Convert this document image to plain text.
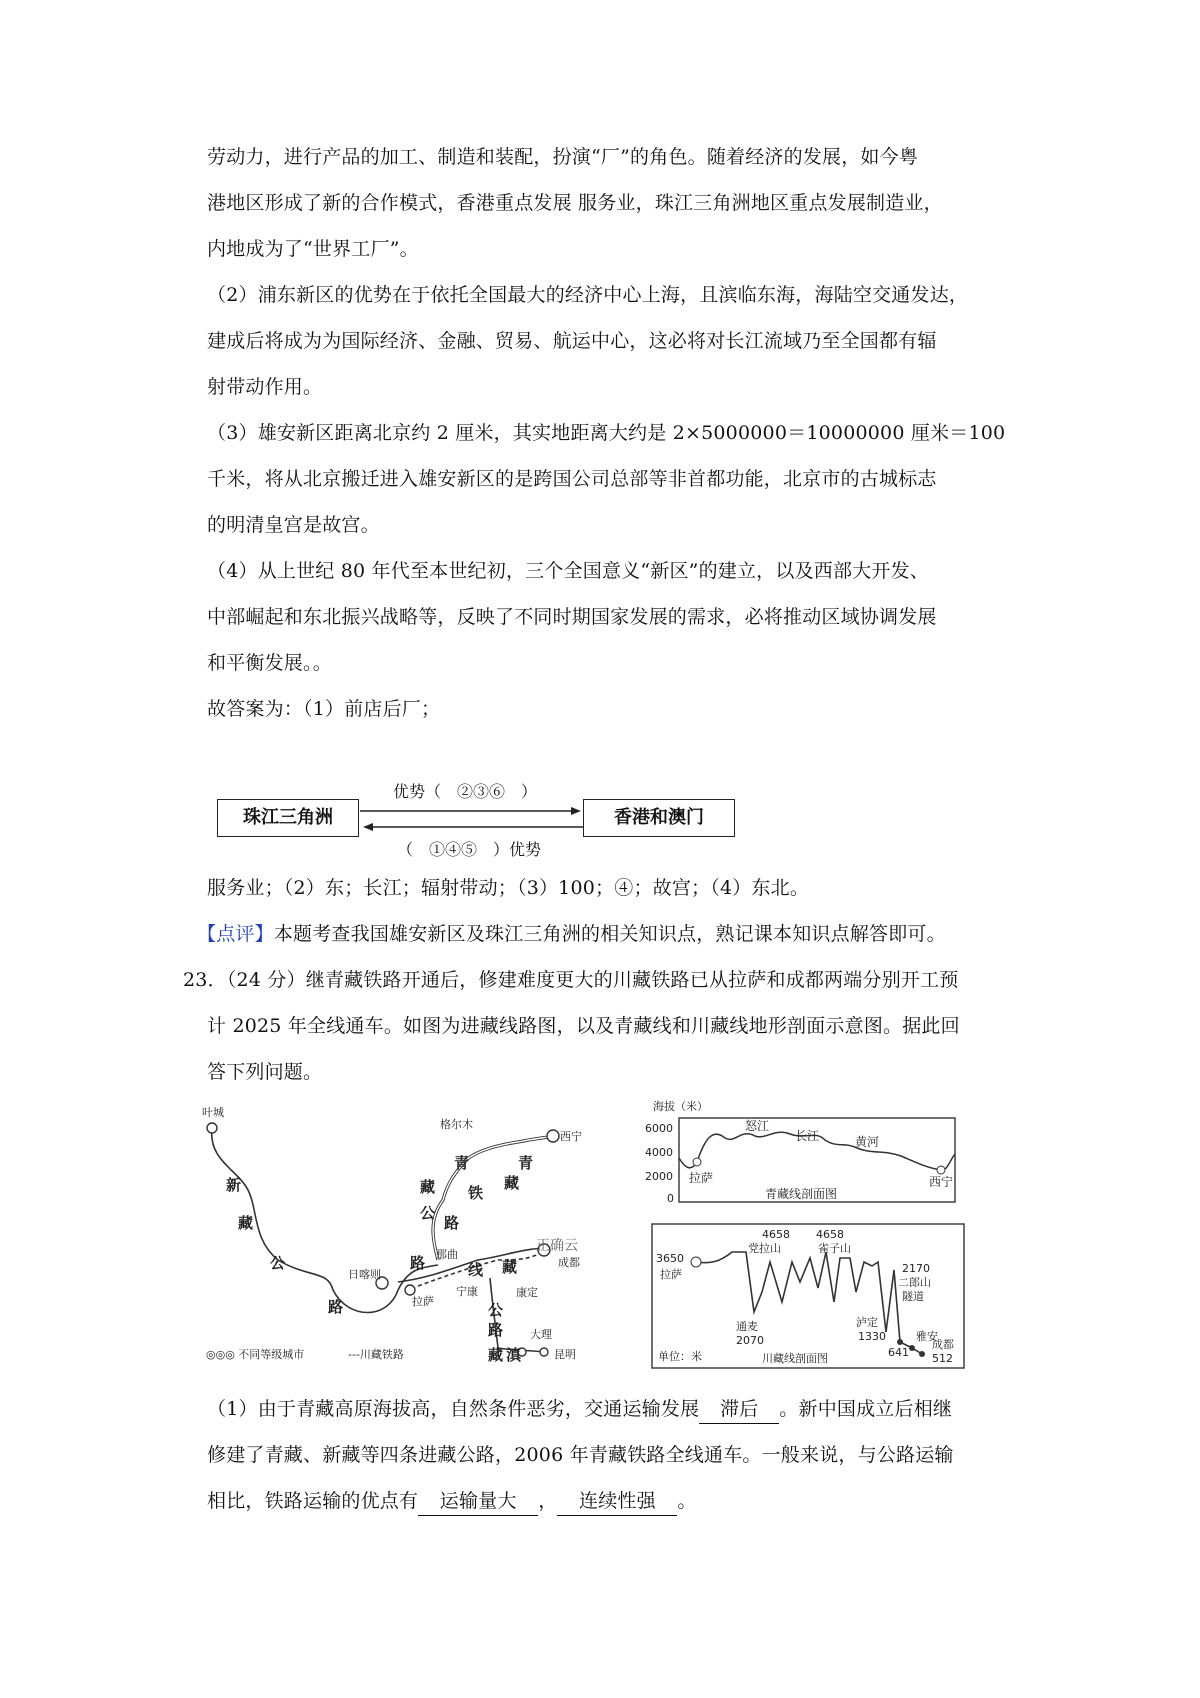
劳动力，进行产品的加工、制造和装配，扮演“厂”的角色。随着经济的发展，如今粤
港地区形成了新的合作模式，香港重点发展 服务业，珠江三角洲地区重点发展制造业，
内地成为了“世界工厂”。
（2）浦东新区的优势在于依托全国最大的经济中心上海，且滨临东海，海陆空交通发达，
建成后将成为为国际经济、金融、贸易、航运中心，这必将对长江流域乃至全国都有辐
射带动作用。
（3）雄安新区距离北京约 2 厘米，其实地距离大约是 2×5000000＝10000000 厘米＝100
千米，将从北京搬迁进入雄安新区的是跨国公司总部等非首都功能，北京市的古城标志
的明清皇宫是故宫。
（4）从上世纪 80 年代至本世纪初，三个全国意义“新区”的建立，以及西部大开发、
中部崛起和东北振兴战略等，反映了不同时期国家发展的需求，必将推动区域协调发展
和平衡发展。。
故答案为：（1）前店后厂；
珠江三角洲	香港和澳门
优势（　②③⑥　）
（　①④⑤　）优势
服务业；（2）东；长江；辐射带动；（3）100；④；故宫；（4）东北。
【点评】本题考查我国雄安新区及珠江三角洲的相关知识点，熟记课本知识点解答即可。
23．（24 分）继青藏铁路开通后，修建难度更大的川藏铁路已从拉萨和成都两端分别开工预
计 2025 年全线通车。如图为进藏线路图，以及青藏线和川藏线地形剖面示意图。据此回
答下列问题。
叶城
格尔木
西宁
日喀则
那曲
拉萨
宁康	康定
成都
大理
昆明
新
藏
公
路
青
藏 铁
公
路
青
藏
线 藏
路
公
路
藏 滇
正确云
◎◎◎ 不同等级城市	---川藏铁路
海拔（米）
6000
4000
2000
0
怒江
长江	黄河
拉萨	西宁
青藏线剖面图
3650
拉萨
4658
党拉山
4658
雀子山
通麦
2070
2170
二郎山
隧道
泸定
1330	雅安
641
成都
512
单位：米	川藏线剖面图
（1）由于青藏高原海拔高，自然条件恶劣，交通运输发展 滞后 。新中国成立后相继
修建了青藏、新藏等四条进藏公路，2006 年青藏铁路全线通车。一般来说，与公路运输
相比，铁路运输的优点有 运输量大 ， 连续性强 。
